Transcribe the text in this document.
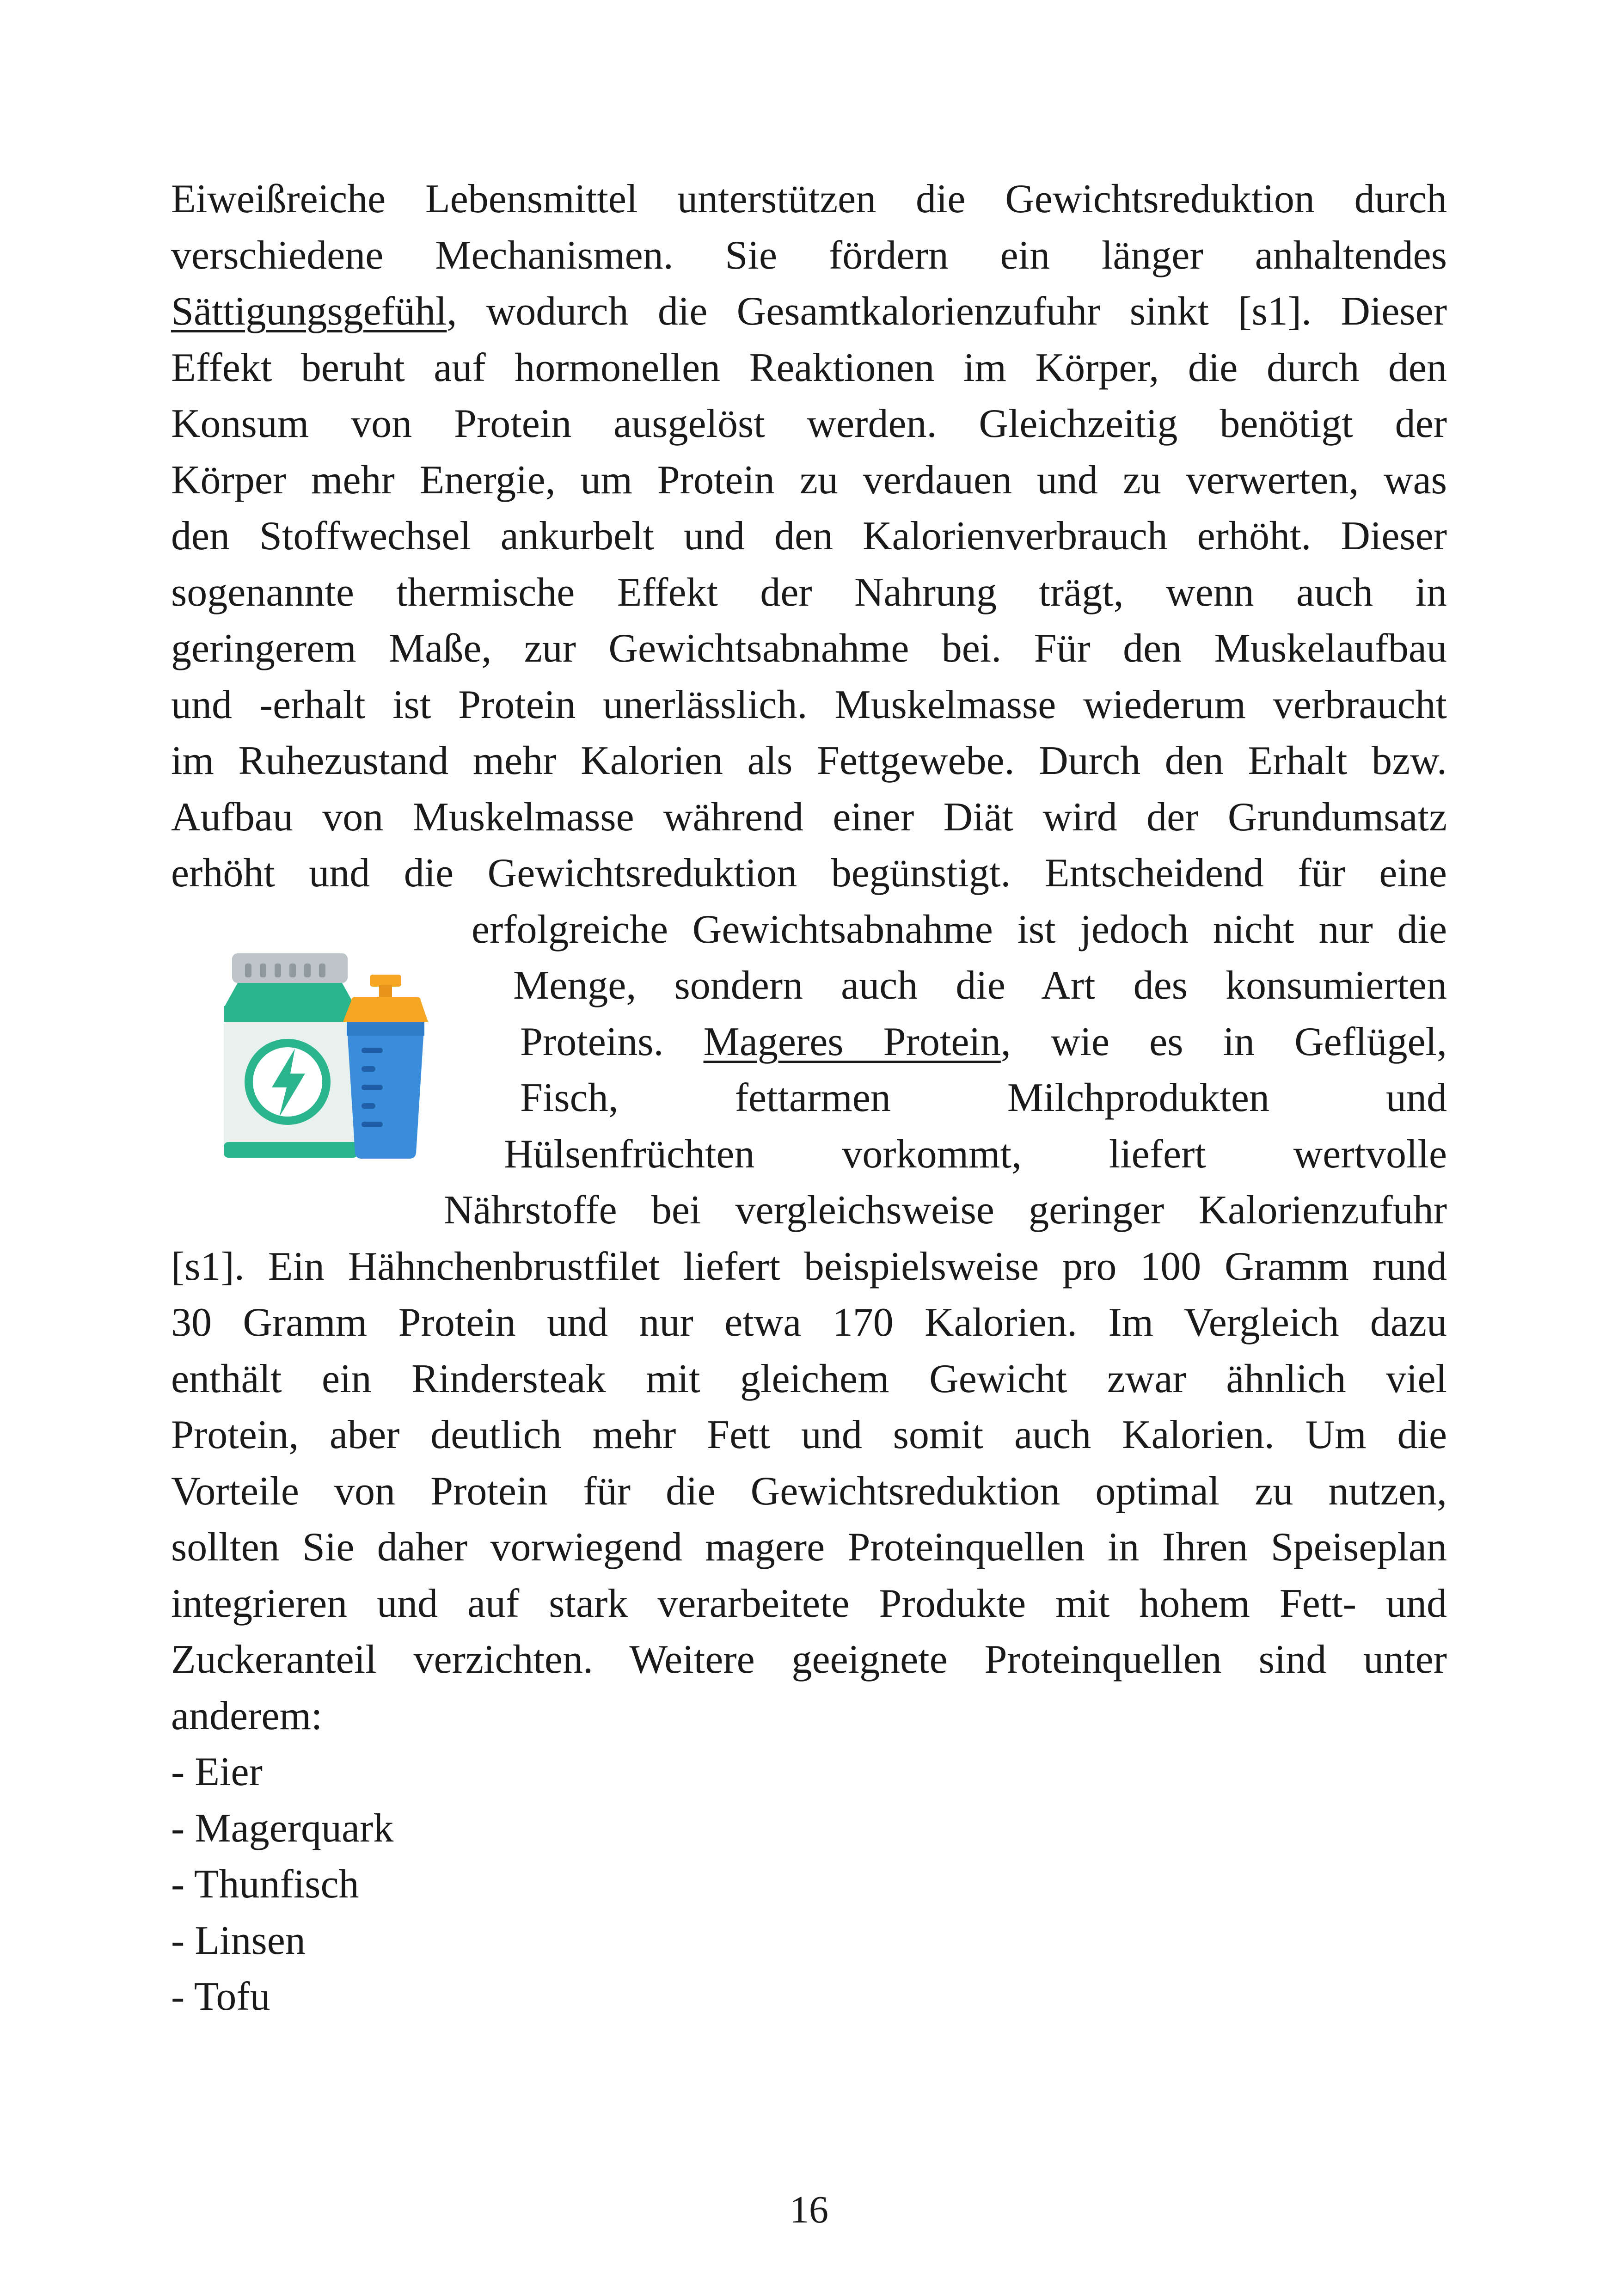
Eiweißreiche Lebensmittel unterstützen die Gewichtsreduktion durch
verschiedene Mechanismen. Sie fördern ein länger anhaltendes
Sättigungsgefühl, wodurch die Gesamtkalorienzufuhr sinkt [s1]. Dieser
Effekt beruht auf hormonellen Reaktionen im Körper, die durch den
Konsum von Protein ausgelöst werden. Gleichzeitig benötigt der
Körper mehr Energie, um Protein zu verdauen und zu verwerten, was
den Stoffwechsel ankurbelt und den Kalorienverbrauch erhöht. Dieser
sogenannte thermische Effekt der Nahrung trägt, wenn auch in
geringerem Maße, zur Gewichtsabnahme bei. Für den Muskelaufbau
und -erhalt ist Protein unerlässlich. Muskelmasse wiederum verbraucht
im Ruhezustand mehr Kalorien als Fettgewebe. Durch den Erhalt bzw.
Aufbau von Muskelmasse während einer Diät wird der Grundumsatz
erhöht und die Gewichtsreduktion begünstigt. Entscheidend für eine
erfolgreiche Gewichtsabnahme ist jedoch nicht nur die
Menge, sondern auch die Art des konsumierten
Proteins. Mageres Protein, wie es in Geflügel,
Fisch, fettarmen Milchprodukten und
Hülsenfrüchten vorkommt, liefert wertvolle
Nährstoffe bei vergleichsweise geringer Kalorienzufuhr
[s1]. Ein Hähnchenbrustfilet liefert beispielsweise pro 100 Gramm rund
30 Gramm Protein und nur etwa 170 Kalorien. Im Vergleich dazu
enthält ein Rindersteak mit gleichem Gewicht zwar ähnlich viel
Protein, aber deutlich mehr Fett und somit auch Kalorien. Um die
Vorteile von Protein für die Gewichtsreduktion optimal zu nutzen,
sollten Sie daher vorwiegend magere Proteinquellen in Ihren Speiseplan
integrieren und auf stark verarbeitete Produkte mit hohem Fett- und
Zuckeranteil verzichten. Weitere geeignete Proteinquellen sind unter
anderem:
- Eier
- Magerquark
- Thunfisch
- Linsen
- Tofu
16
